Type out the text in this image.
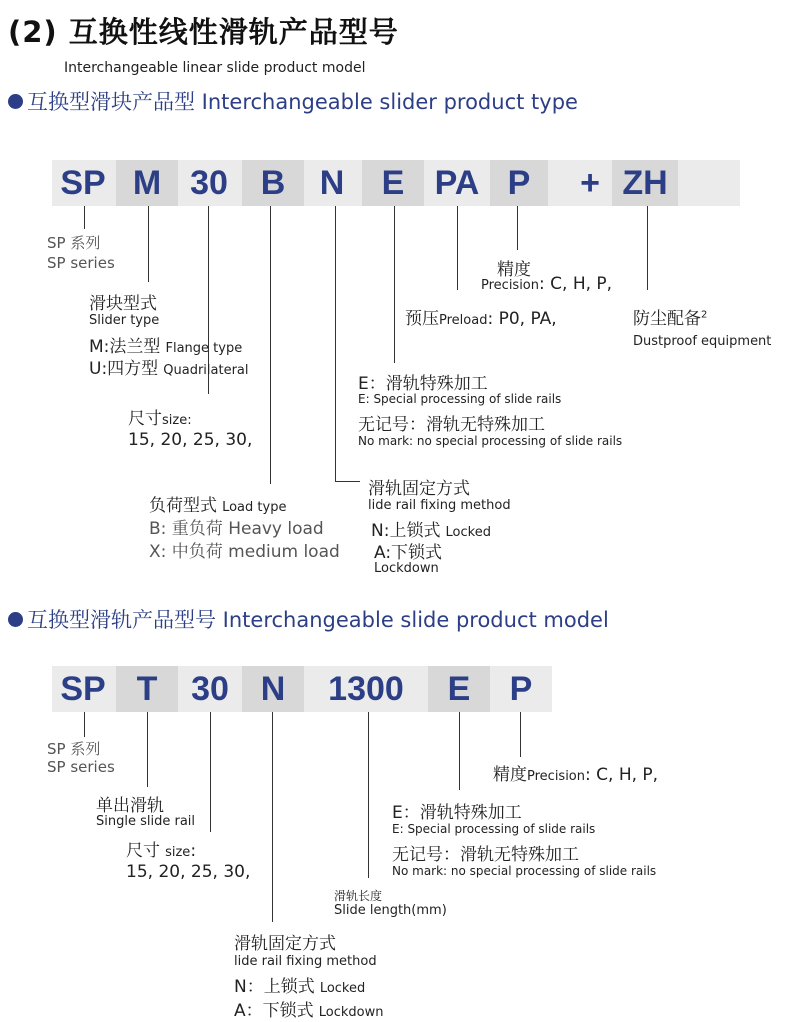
(2) 互换性线性滑轨产品型号
Interchangeable linear slide product model
互换型滑块产品型 Interchangeable slider product type
SP M 30 B	N	E PA P	+ ZH
SP 系列
SP series
滑块型式
Slider type
M:法兰型 Flange type
U:四方型 Quadrilateral
尺寸size:
15, 20, 25, 30,
负荷型式 Load type
B: 重负荷 Heavy load
X: 中负荷 medium load
滑轨固定方式
lide rail fixing method
N:上锁式 Locked
A:下锁式
Lockdown
E：滑轨特殊加工
E: Special processing of slide rails
无记号：滑轨无特殊加工
No mark: no special processing of slide rails
预压Preload: P0, PA,
精度
Precision: C, H, P,
防尘配备$^2$
Dustproof equipment
互换型滑轨产品型号 Interchangeable slide product model
SP T 30 N	1300	E	P
SP 系列
SP series
单出滑轨
Single slide rail
尺寸 size:
15, 20, 25, 30,
滑轨长度
Slide length(mm)
滑轨固定方式
lide rail fixing method
N：上锁式 Locked
A：下锁式 Lockdown
E：滑轨特殊加工
E: Special processing of slide rails
无记号：滑轨无特殊加工
No mark: no special processing of slide rails
精度Precision: C, H, P,
